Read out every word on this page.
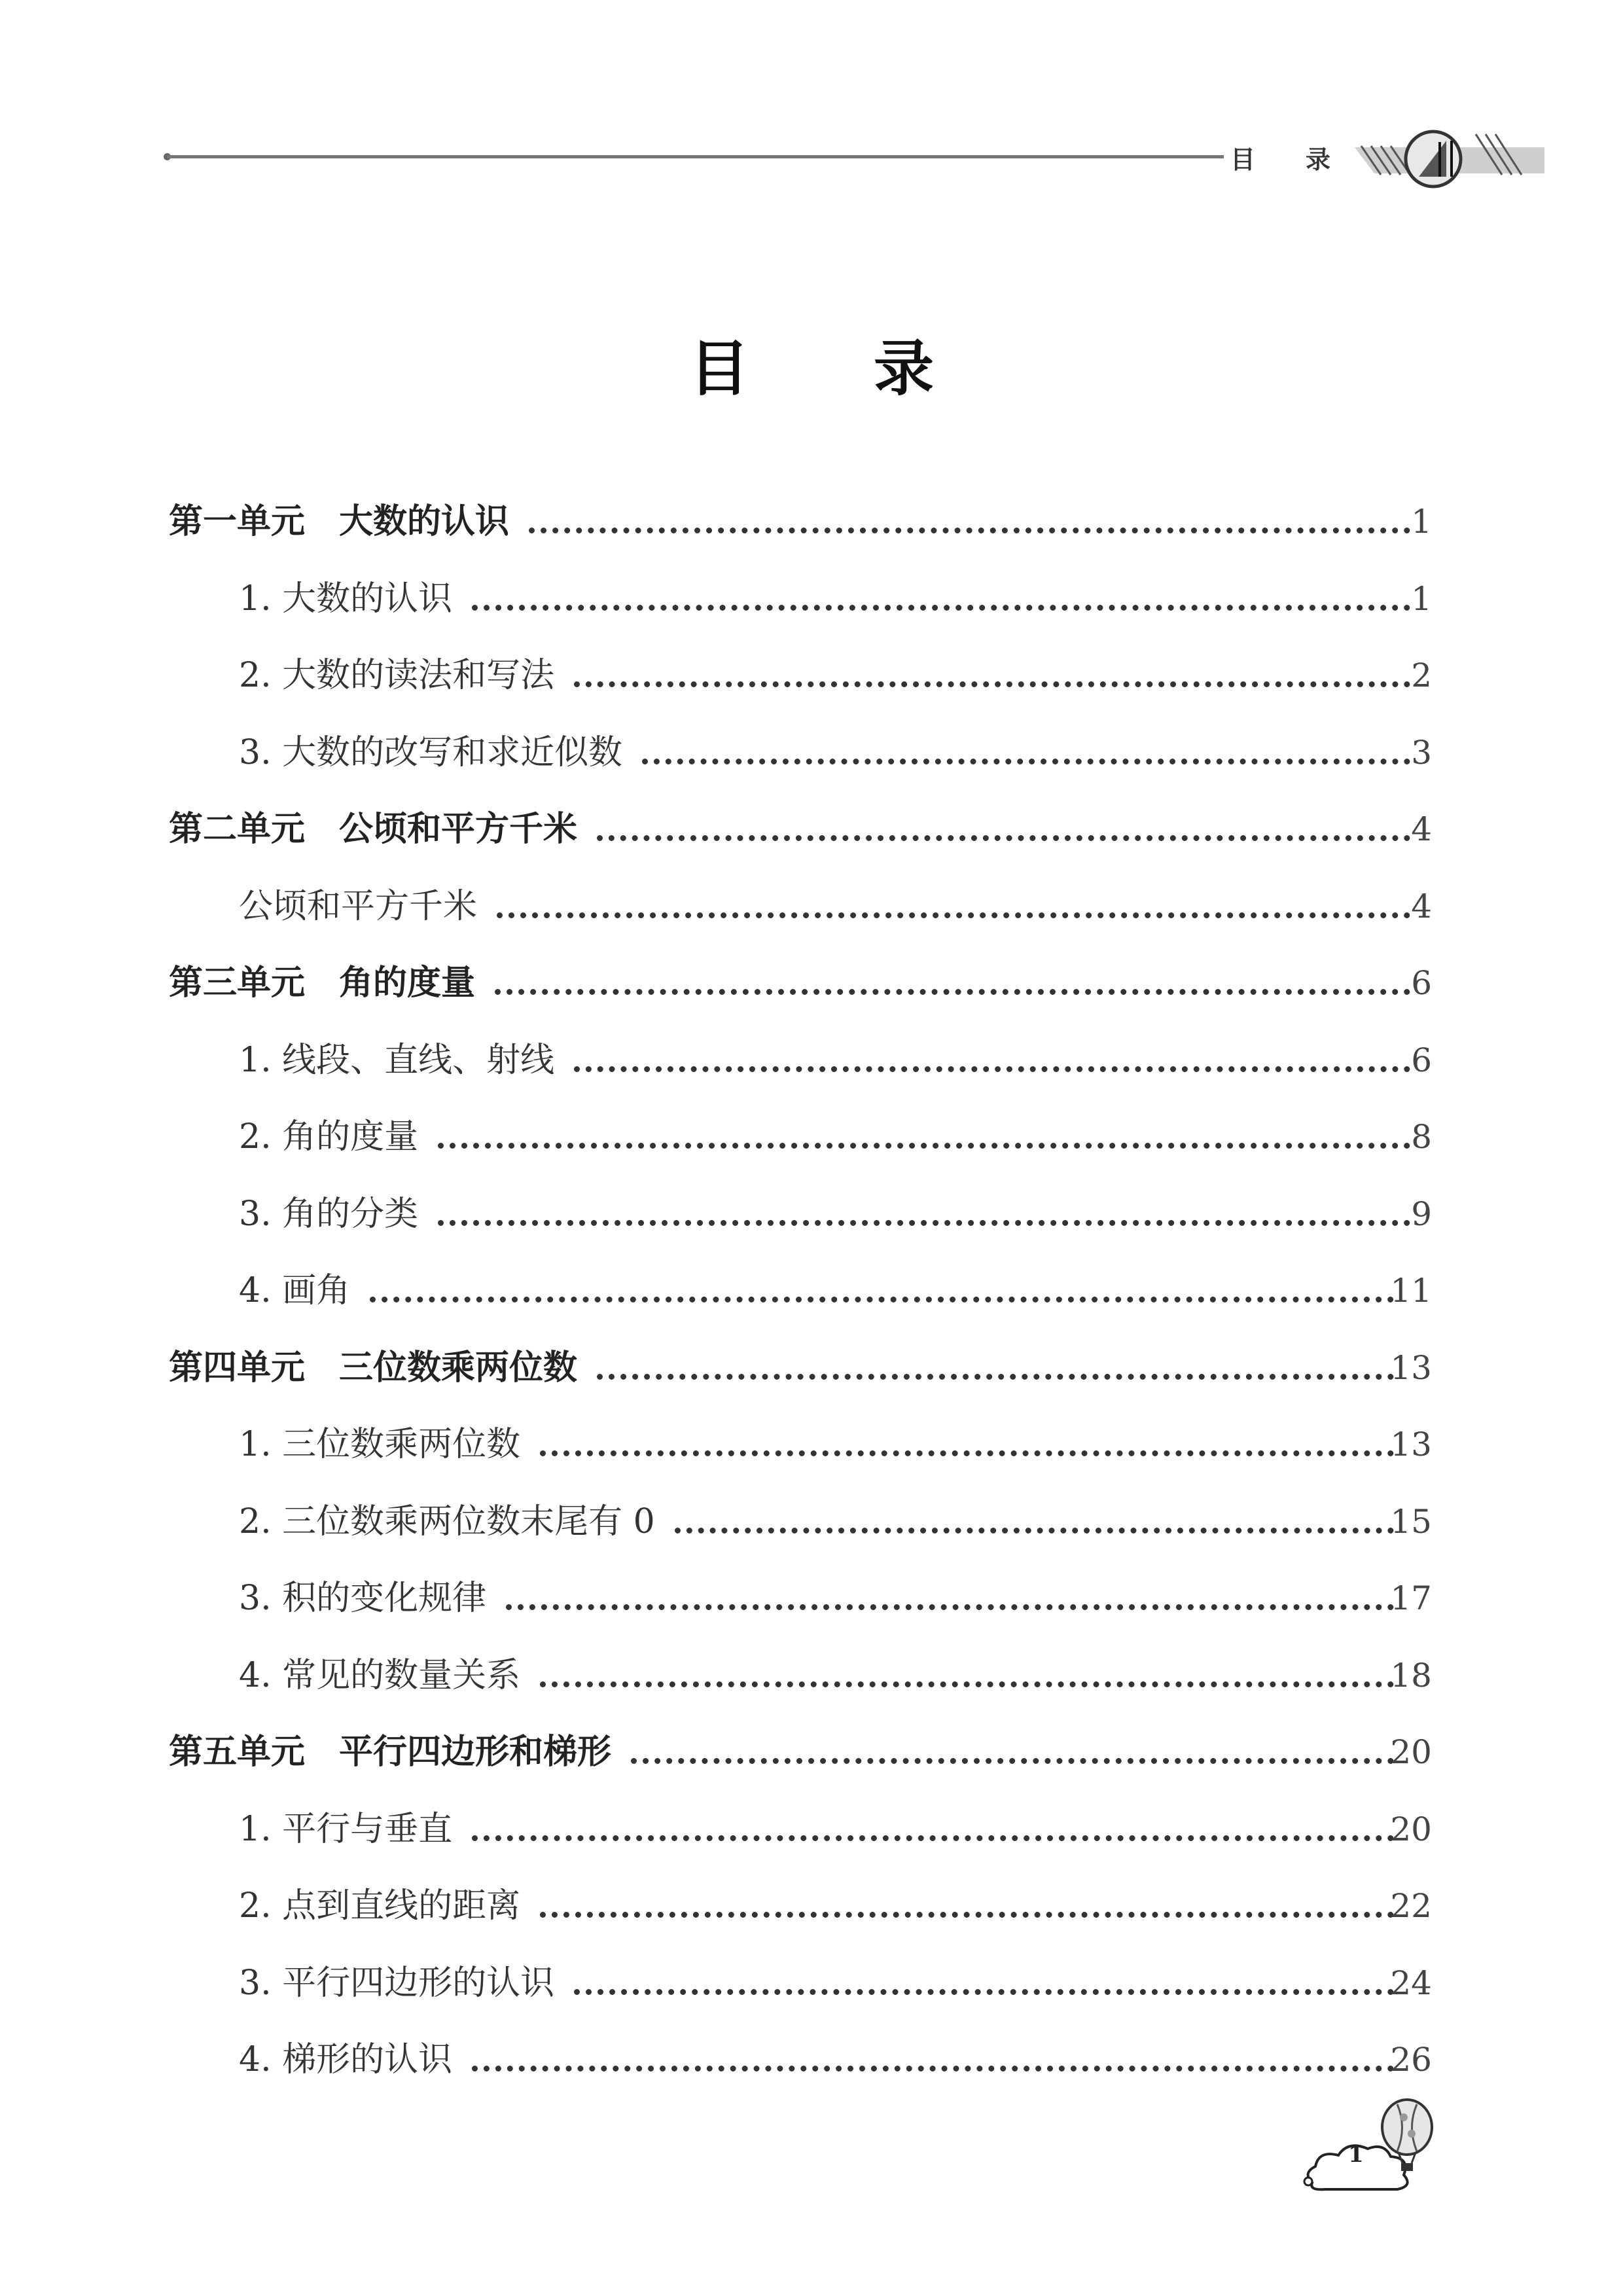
目 录
目录
第一单元　大数的认识	1
1. 大数的认识	1
2. 大数的读法和写法	2
3. 大数的改写和求近似数	3
第二单元　公顷和平方千米	4
公顷和平方千米	4
第三单元　角的度量	6
1. 线段、直线、射线	6
2. 角的度量	8
3. 角的分类	9
4. 画角	11
第四单元　三位数乘两位数	13
1. 三位数乘两位数	13
2. 三位数乘两位数末尾有 0	15
3. 积的变化规律	17
4. 常见的数量关系	18
第五单元　平行四边形和梯形	20
1. 平行与垂直	20
2. 点到直线的距离	22
3. 平行四边形的认识	24
4. 梯形的认识	26
1
